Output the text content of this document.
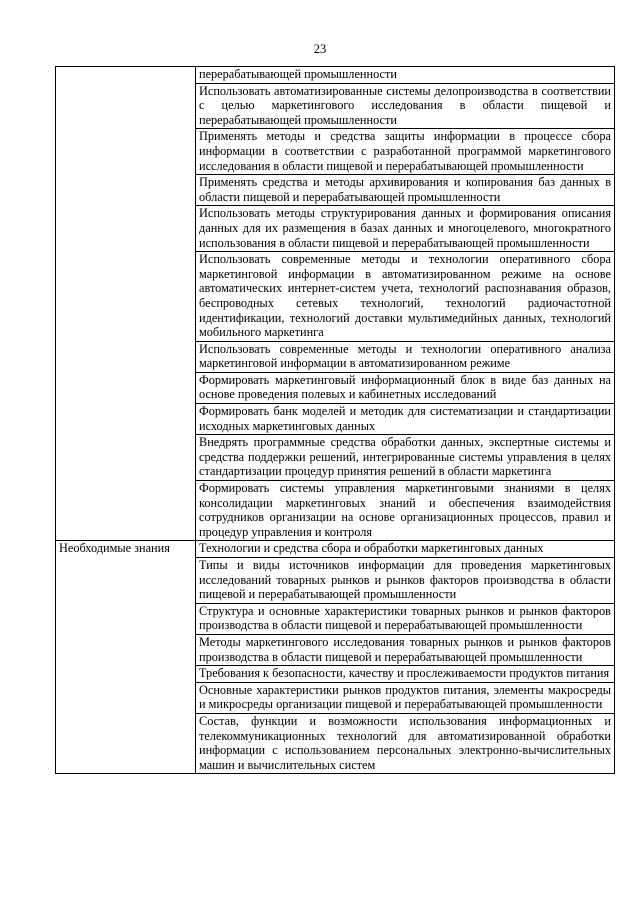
23

	перерабатывающей промышленности

	Использовать автоматизированные системы делопроизводства в соответствии с целью маркетингового исследования в области пищевой и перерабатывающей промышленности

	Применять методы и средства защиты информации в процессе сбора информации в соответствии с разработанной программой маркетингового исследования в области пищевой и перерабатывающей промышленности

	Применять средства и методы архивирования и копирования баз данных в области пищевой и перерабатывающей промышленности

	Использовать методы структурирования данных и формирования описания данных для их размещения в базах данных и многоцелевого, многократного использования в области пищевой и перерабатывающей промышленности

	Использовать современные методы и технологии оперативного сбора маркетинговой информации в автоматизированном режиме на основе автоматических интернет-систем учета, технологий распознавания образов, беспроводных сетевых технологий, технологий радиочастотной идентификации, технологий доставки мультимедийных данных, технологий мобильного маркетинга

	Использовать современные методы и технологии оперативного анализа маркетинговой информации в автоматизированном режиме

	Формировать маркетинговый информационный блок в виде баз данных на основе проведения полевых и кабинетных исследований

	Формировать банк моделей и методик для систематизации и стандартизации исходных маркетинговых данных

	Внедрять программные средства обработки данных, экспертные системы и средства поддержки решений, интегрированные системы управления в целях стандартизации процедур принятия решений в области маркетинга

	Формировать системы управления маркетинговыми знаниями в целях консолидации маркетинговых знаний и обеспечения взаимодействия сотрудников организации на основе организационных процессов, правил и процедур управления и контроля

Необходимые знания	Технологии и средства сбора и обработки маркетинговых данных

	Типы и виды источников информации для проведения маркетинговых исследований товарных рынков и рынков факторов производства в области пищевой и перерабатывающей промышленности

	Структура и основные характеристики товарных рынков и рынков факторов производства в области пищевой и перерабатывающей промышленности

	Методы маркетингового исследования товарных рынков и рынков факторов производства в области пищевой и перерабатывающей промышленности

	Требования к безопасности, качеству и прослеживаемости продуктов питания

	Основные характеристики рынков продуктов питания, элементы макросреды и микросреды организации пищевой и перерабатывающей промышленности

	Состав, функции и возможности использования информационных и телекоммуникационных технологий для автоматизированной обработки информации с использованием персональных электронно-вычислительных машин и вычислительных систем
